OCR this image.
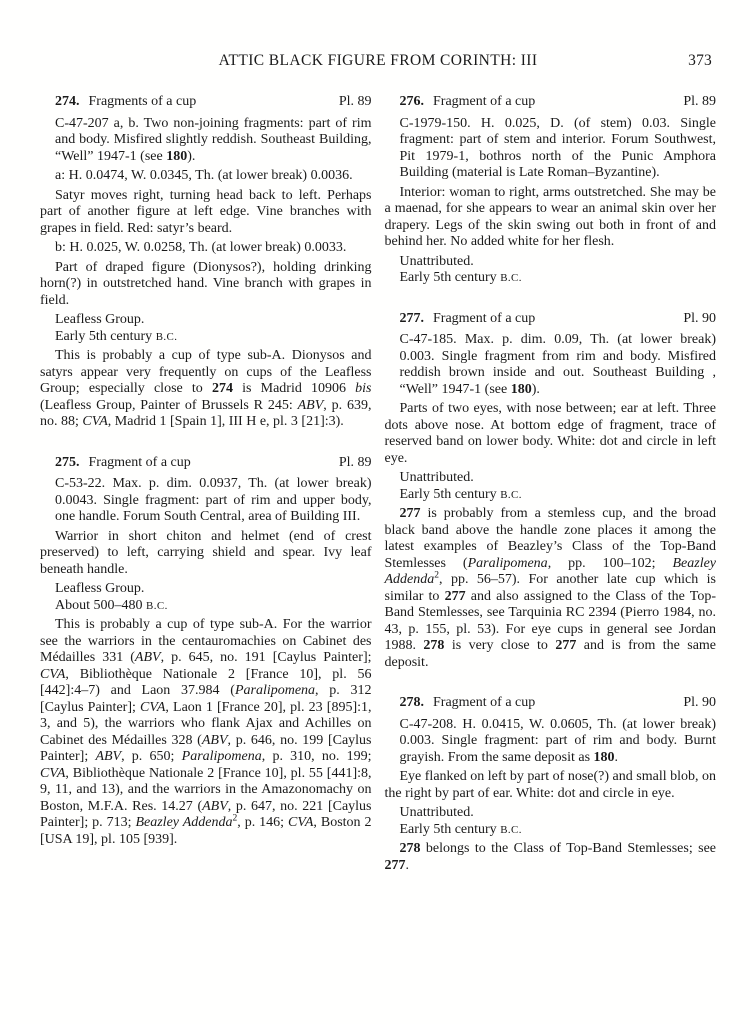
ATTIC BLACK FIGURE FROM CORINTH: III	373
274. Fragments of a cup	Pl. 89

C-47-207 a, b. Two non-joining fragments: part of rim and body. Misfired slightly reddish. Southeast Building, “Well” 1947-1 (see 180).

a: H. 0.0474, W. 0.0345, Th. (at lower break) 0.0036.

Satyr moves right, turning head back to left. Perhaps part of another figure at left edge. Vine branches with grapes in field. Red: satyr’s beard.

b: H. 0.025, W. 0.0258, Th. (at lower break) 0.0033.

Part of draped figure (Dionysos?), holding drinking horn(?) in outstretched hand. Vine branch with grapes in field.

Leafless Group.

Early 5th century B.C.

This is probably a cup of type sub-A. Dionysos and satyrs appear very frequently on cups of the Leafless Group; especially close to 274 is Madrid 10906 bis (Leafless Group, Painter of Brussels R 245: ABV, p. 639, no. 88; CVA, Madrid 1 [Spain 1], III H e, pl. 3 [21]:3).

275. Fragment of a cup	Pl. 89

C-53-22. Max. p. dim. 0.0937, Th. (at lower break) 0.0043. Single fragment: part of rim and upper body, one handle. Forum South Central, area of Building III.

Warrior in short chiton and helmet (end of crest preserved) to left, carrying shield and spear. Ivy leaf beneath handle.

Leafless Group.

About 500–480 B.C.

This is probably a cup of type sub-A. For the warrior see the warriors in the centauromachies on Cabinet des Médailles 331 (ABV, p. 645, no. 191 [Caylus Painter]; CVA, Bibliothèque Nationale 2 [France 10], pl. 56 [442]:4–7) and Laon 37.984 (Paralipomena, p. 312 [Caylus Painter]; CVA, Laon 1 [France 20], pl. 23 [895]:1, 3, and 5), the warriors who flank Ajax and Achilles on Cabinet des Médailles 328 (ABV, p. 646, no. 199 [Caylus Painter]; ABV, p. 650; Paralipomena, p. 310, no. 199; CVA, Bibliothèque Nationale 2 [France 10], pl. 55 [441]:8, 9, 11, and 13), and the warriors in the Amazonomachy on Boston, M.F.A. Res. 14.27 (ABV, p. 647, no. 221 [Caylus Painter]; p. 713; Beazley Addenda$^2$, p. 146; CVA, Boston 2 [USA 19], pl. 105 [939].

276. Fragment of a cup	Pl. 89

C-1979-150. H. 0.025, D. (of stem) 0.03. Single fragment: part of stem and interior. Forum Southwest, Pit 1979-1, bothros north of the Punic Amphora Building (material is Late Roman–Byzantine).

Interior: woman to right, arms outstretched. She may be a maenad, for she appears to wear an animal skin over her drapery. Legs of the skin swing out both in front of and behind her. No added white for her flesh.

Unattributed.

Early 5th century B.C.

277. Fragment of a cup	Pl. 90

C-47-185. Max. p. dim. 0.09, Th. (at lower break) 0.003. Single fragment from rim and body. Misfired reddish brown inside and out. Southeast Building , “Well” 1947-1 (see 180).

Parts of two eyes, with nose between; ear at left. Three dots above nose. At bottom edge of fragment, trace of reserved band on lower body. White: dot and circle in left eye.

Unattributed.

Early 5th century B.C.

277 is probably from a stemless cup, and the broad black band above the handle zone places it among the latest examples of Beazley’s Class of the Top-Band Stemlesses (Paralipomena, pp. 100–102; Beazley Addenda$^2$, pp. 56–57). For another late cup which is similar to 277 and also assigned to the Class of the Top-Band Stemlesses, see Tarquinia RC 2394 (Pierro 1984, no. 43, p. 155, pl. 53). For eye cups in general see Jordan 1988. 278 is very close to 277 and is from the same deposit.

278. Fragment of a cup	Pl. 90

C-47-208. H. 0.0415, W. 0.0605, Th. (at lower break) 0.003. Single fragment: part of rim and body. Burnt grayish. From the same deposit as 180.

Eye flanked on left by part of nose(?) and small blob, on the right by part of ear. White: dot and circle in eye.

Unattributed.

Early 5th century B.C.

278 belongs to the Class of Top-Band Stemlesses; see 277.
